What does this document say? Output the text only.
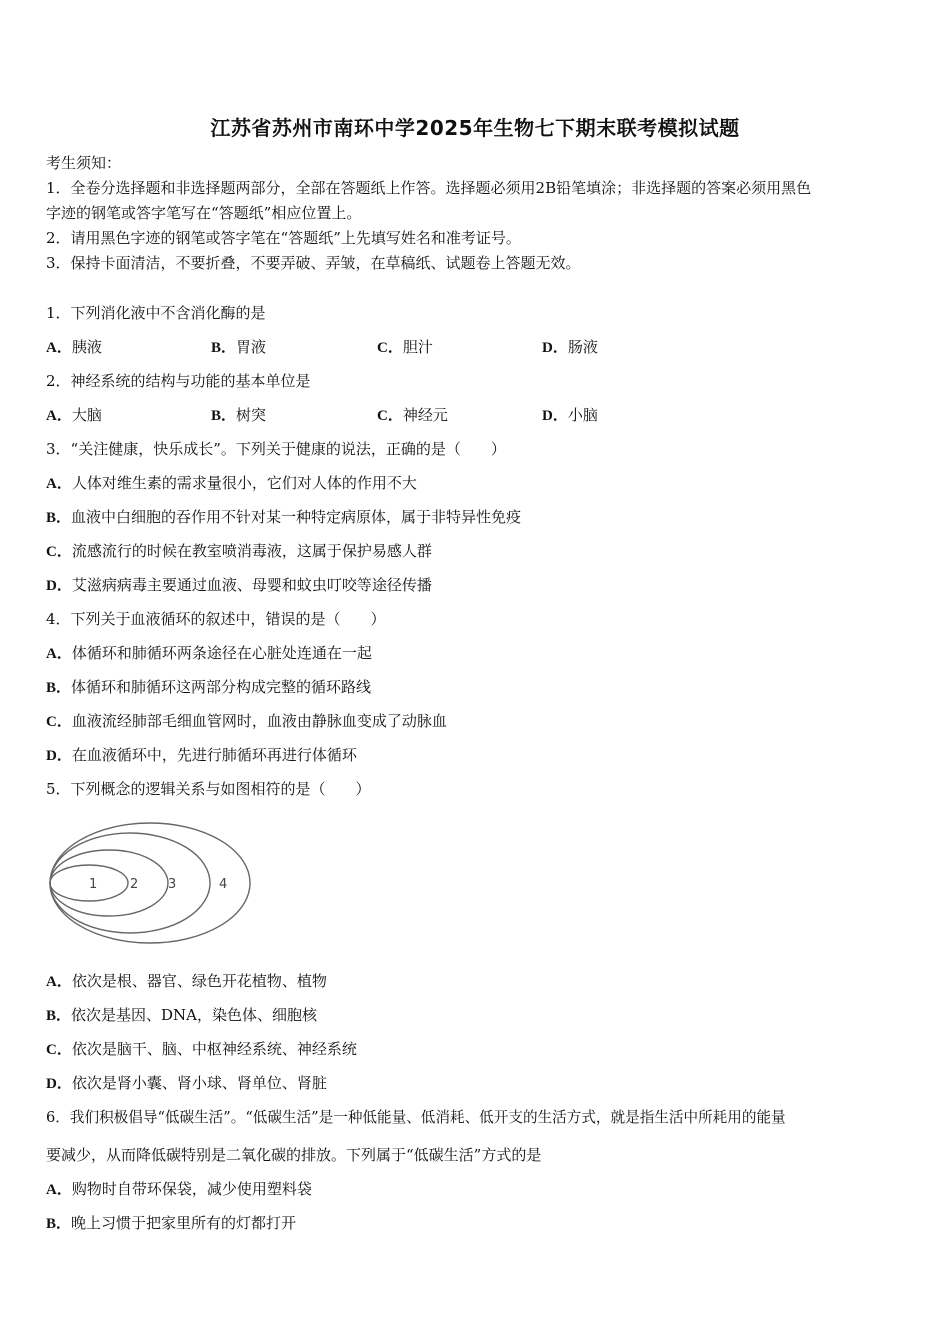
江苏省苏州市南环中学2025年生物七下期末联考模拟试题
考生须知：
1．全卷分选择题和非选择题两部分，全部在答题纸上作答。选择题必须用2B铅笔填涂；非选择题的答案必须用黑色
字迹的钢笔或答字笔写在“答题纸”相应位置上。
2．请用黑色字迹的钢笔或答字笔在“答题纸”上先填写姓名和准考证号。
3．保持卡面清洁，不要折叠，不要弄破、弄皱，在草稿纸、试题卷上答题无效。
1．下列消化液中不含消化酶的是
A．胰液	B．胃液	C．胆汁	D．肠液
2．神经系统的结构与功能的基本单位是
A．大脑	B．树突	C．神经元	D．小脑
3．“关注健康，快乐成长”。下列关于健康的说法，正确的是（　　）
A．人体对维生素的需求量很小，它们对人体的作用不大
B．血液中白细胞的吞作用不针对某一种特定病原体，属于非特异性免疫
C．流感流行的时候在教室喷消毒液，这属于保护易感人群
D．艾滋病病毒主要通过血液、母婴和蚊虫叮咬等途径传播
4．下列关于血液循环的叙述中，错误的是（　　）
A．体循环和肺循环两条途径在心脏处连通在一起
B．体循环和肺循环这两部分构成完整的循环路线
C．血液流经肺部毛细血管网时，血液由静脉血变成了动脉血
D．在血液循环中，先进行肺循环再进行体循环
5．下列概念的逻辑关系与如图相符的是（　　）
1	2 3	4
A．依次是根、器官、绿色开花植物、植物
B．依次是基因、DNA，染色体、细胞核
C．依次是脑干、脑、中枢神经系统、神经系统
D．依次是肾小囊、肾小球、肾单位、肾脏
6．我们积极倡导“低碳生活”。“低碳生活”是一种低能量、低消耗、低开支的生活方式，就是指生活中所耗用的能量
要减少，从而降低碳特别是二氧化碳的排放。下列属于“低碳生活”方式的是
A．购物时自带环保袋，减少使用塑料袋
B．晚上习惯于把家里所有的灯都打开
